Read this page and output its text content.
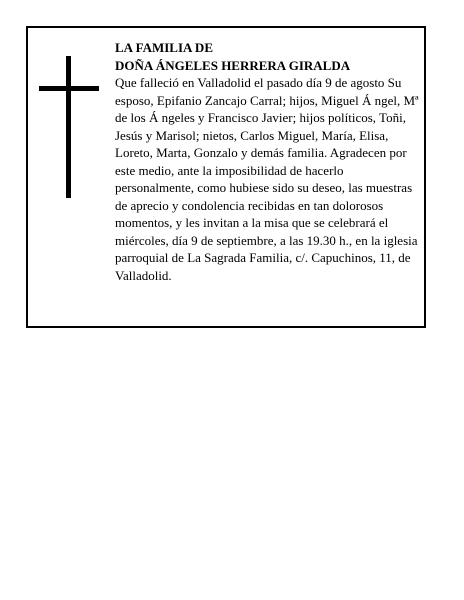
LA FAMILIA DE
DOÑA ÁNGELES HERRERA GIRALDA

Que falleció en Valladolid el pasado día 9 de agosto Su esposo, Epifanio Zancajo Carral; hijos, Miguel Á ngel, Mª de los Á ngeles y Francisco Javier; hijos políticos, Toñi, Jesús y Marisol; nietos, Carlos Miguel, María, Elisa, Loreto, Marta, Gonzalo y demás familia. Agradecen por este medio, ante la imposibilidad de hacerlo personalmente, como hubiese sido su deseo, las muestras de aprecio y condolencia recibidas en tan dolorosos momentos, y les invitan a la misa que se celebrará el miércoles, día 9 de septiembre, a las 19.30 h., en la iglesia parroquial de La Sagrada Familia, c/. Capuchinos, 11, de Valladolid.
